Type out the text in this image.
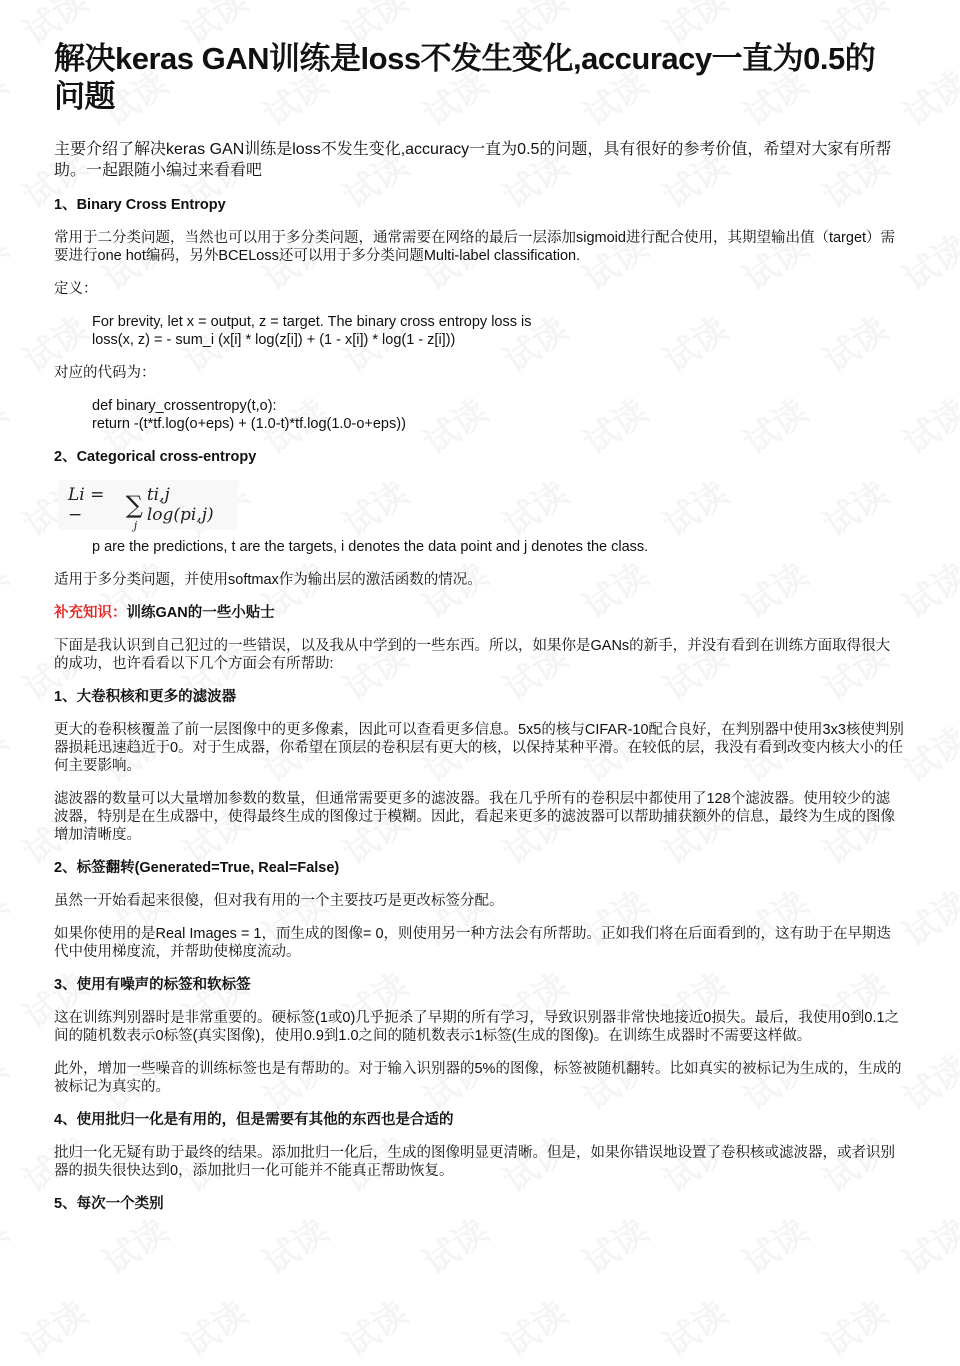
解决keras GAN训练是loss不发生变化,accuracy一直为0.5的问题

主要介绍了解决keras GAN训练是loss不发生变化,accuracy一直为0.5的问题，具有很好的参考价值，希望对大家有所帮助。一起跟随小编过来看看吧

1、Binary Cross Entropy

常用于二分类问题，当然也可以用于多分类问题，通常需要在网络的最后一层添加sigmoid进行配合使用，其期望输出值（target）需要进行one hot编码，另外BCELoss还可以用于多分类问题Multi-label classification.

定义：

For brevity, let x = output, z = target. The binary cross entropy loss is

loss(x, z) = - sum_i (x[i] * log(z[i]) + (1 - x[i]) * log(1 - z[i]))

对应的代码为：

def binary_crossentropy(t,o):

return -(t*tf.log(o+eps) + (1.0-t)*tf.log(1.0-o+eps))

2、Categorical cross-entropy

Li = −	∑
j
ti,j log(pi,j)

p are the predictions, t are the targets, i denotes the data point and j denotes the class.

适用于多分类问题，并使用softmax作为输出层的激活函数的情况。

补充知识：训练GAN的一些小贴士

下面是我认识到自己犯过的一些错误，以及我从中学到的一些东西。所以，如果你是GANs的新手，并没有看到在训练方面取得很大的成功，也许看看以下几个方面会有所帮助:

1、大卷积核和更多的滤波器

更大的卷积核覆盖了前一层图像中的更多像素，因此可以查看更多信息。5x5的核与CIFAR-10配合良好，在判别器中使用3x3核使判别器损耗迅速趋近于0。对于生成器，你希望在顶层的卷积层有更大的核，以保持某种平滑。在较低的层，我没有看到改变内核大小的任何主要影响。

滤波器的数量可以大量增加参数的数量，但通常需要更多的滤波器。我在几乎所有的卷积层中都使用了128个滤波器。使用较少的滤波器，特别是在生成器中，使得最终生成的图像过于模糊。因此，看起来更多的滤波器可以帮助捕获额外的信息，最终为生成的图像增加清晰度。

2、标签翻转(Generated=True, Real=False)

虽然一开始看起来很傻，但对我有用的一个主要技巧是更改标签分配。

如果你使用的是Real Images = 1，而生成的图像= 0，则使用另一种方法会有所帮助。正如我们将在后面看到的，这有助于在早期迭代中使用梯度流，并帮助使梯度流动。

3、使用有噪声的标签和软标签

这在训练判别器时是非常重要的。硬标签(1或0)几乎扼杀了早期的所有学习，导致识别器非常快地接近0损失。最后，我使用0到0.1之间的随机数表示0标签(真实图像)，使用0.9到1.0之间的随机数表示1标签(生成的图像)。在训练生成器时不需要这样做。

此外，增加一些噪音的训练标签也是有帮助的。对于输入识别器的5%的图像，标签被随机翻转。比如真实的被标记为生成的，生成的被标记为真实的。

4、使用批归一化是有用的，但是需要有其他的东西也是合适的

批归一化无疑有助于最终的结果。添加批归一化后，生成的图像明显更清晰。但是，如果你错误地设置了卷积核或滤波器，或者识别器的损失很快达到0，添加批归一化可能并不能真正帮助恢复。

5、每次一个类别
